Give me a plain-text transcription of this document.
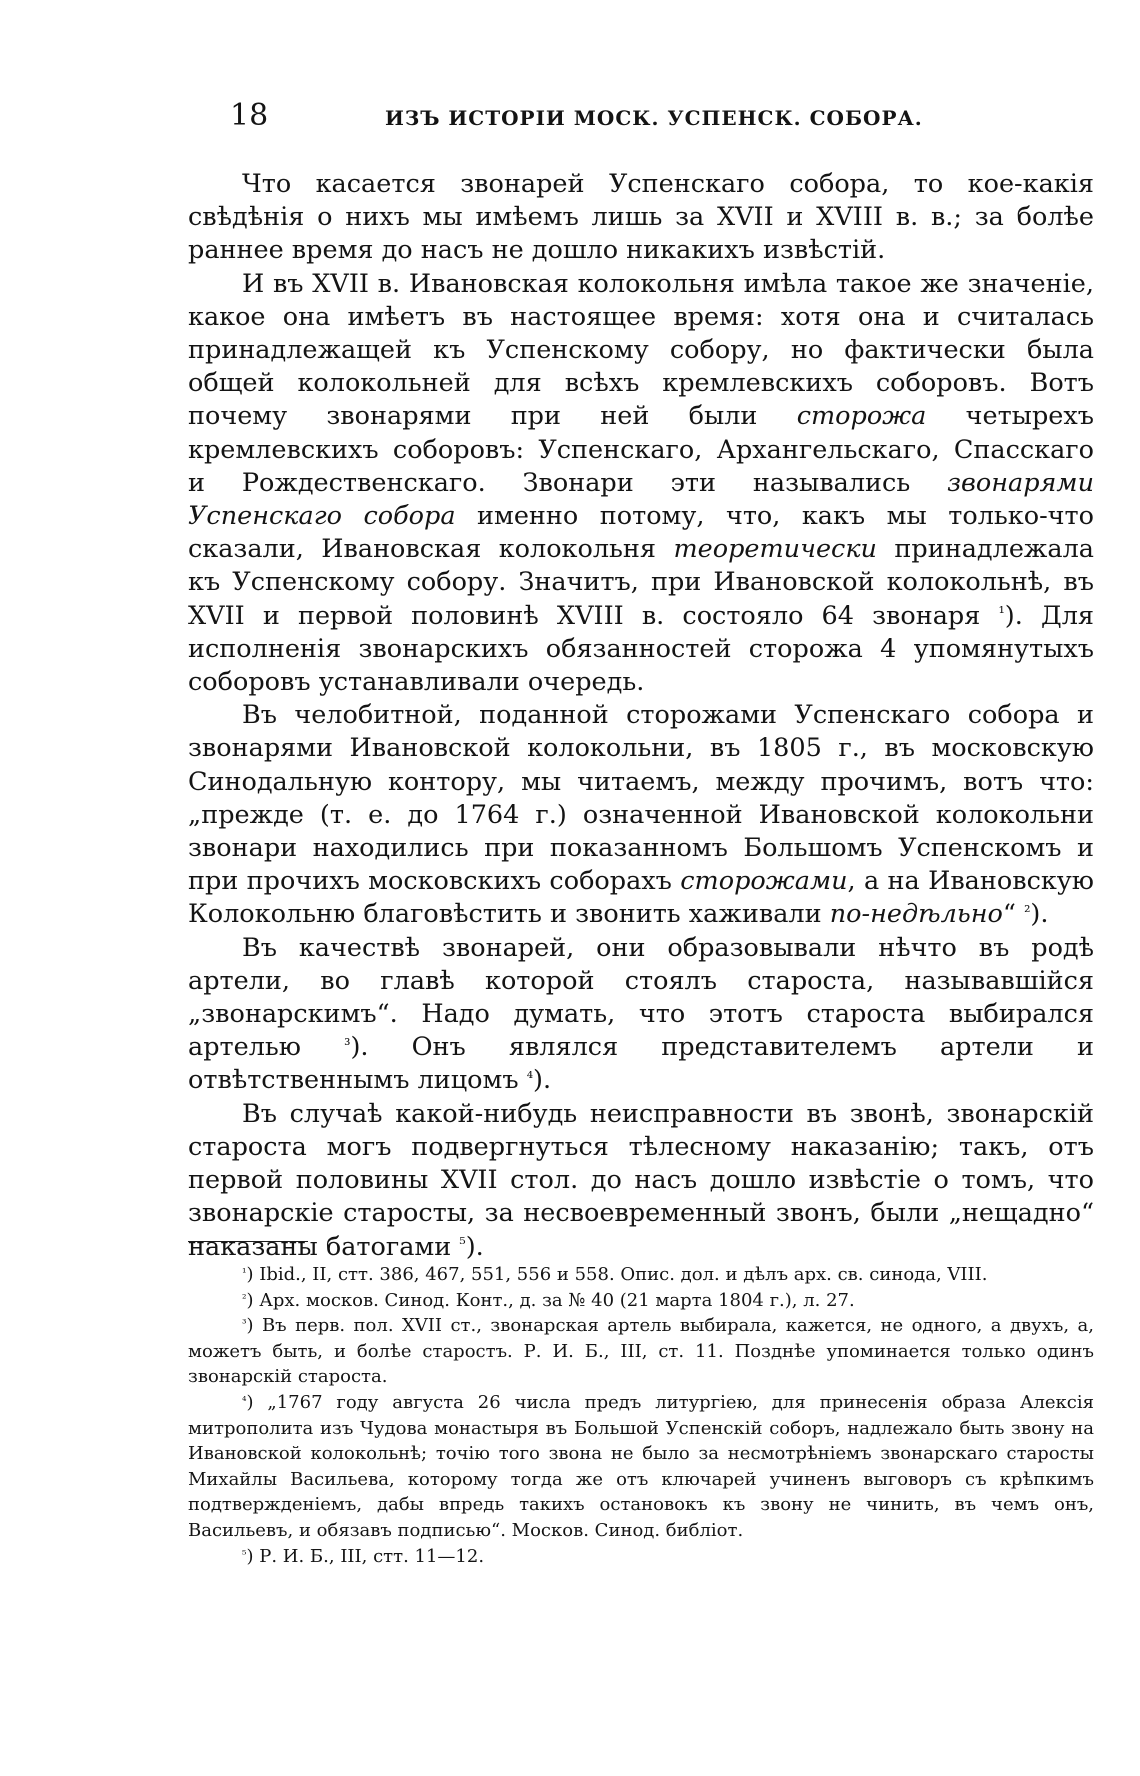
18	ИЗЪ ИСТОРІИ МОСК. УСПЕНСК. СОБОРА.

Что касается звонарей Успенскаго собора, то кое-какія свѣдѣнія о нихъ мы имѣемъ лишь за XVII и XVIII в. в.; за болѣе раннее время до насъ не дошло никакихъ извѣстій.

И въ XVII в. Ивановская колокольня имѣла такое же значеніе, какое она имѣетъ въ настоящее время: хотя она и считалась принадлежащей къ Успенскому собору, но фактически была общей колокольней для всѣхъ кремлевскихъ соборовъ. Вотъ почему звонарями при ней были сторожа четырехъ кремлевскихъ соборовъ: Успенскаго, Архангельскаго, Спасскаго и Рождественскаго. Звонари эти назывались звонарями Успенскаго собора именно потому, что, какъ мы только-что сказали, Ивановская колокольня теоретически принадлежала къ Успенскому собору. Значитъ, при Ивановской колокольнѣ, въ XVII и первой половинѣ XVIII в. состояло 64 звонаря $^{^1}$). Для исполненія звонарскихъ обязанностей сторожа 4 упомянутыхъ соборовъ устанавливали очередь.

Въ челобитной, поданной сторожами Успенскаго собора и звонарями Ивановской колокольни, въ 1805 г., въ московскую Синодальную контору, мы читаемъ, между прочимъ, вотъ что: „прежде (т. е. до 1764 г.) означенной Ивановской колокольни звонари находились при показанномъ Большомъ Успенскомъ и при прочихъ московскихъ соборахъ сторожами, а на Ивановскую Колокольню благовѣстить и звонить хаживали по-недѣльно“ $^{^2}$).

Въ качествѣ звонарей, они образовывали нѣчто въ родѣ артели, во главѣ которой стоялъ староста, называвшійся „звонарскимъ“. Надо думать, что этотъ староста выбирался артелью $^{^3}$). Онъ являлся представителемъ артели и отвѣтственнымъ лицомъ $^{^4}$).

Въ случаѣ какой-нибудь неисправности въ звонѣ, звонарскій староста могъ подвергнуться тѣлесному наказанію; такъ, отъ первой половины XVII стол. до насъ дошло извѣстіе о томъ, что звонарскіе старосты, за несвоевременный звонъ, были „нещадно“ наказаны батогами $^{^5}$).

$^{^1}$) Ibid., II, стт. 386, 467, 551, 556 и 558. Опис. дол. и дѣлъ арх. св. синода, VIII.

$^{^2}$) Арх. москов. Синод. Конт., д. за № 40 (21 марта 1804 г.), л. 27.

$^{^3}$) Въ перв. пол. XVII ст., звонарская артель выбирала, кажется, не одного, а двухъ, а, можетъ быть, и болѣе старостъ. Р. И. Б., III, ст. 11. Позднѣе упоминается только одинъ звонарскій староста.

$^{^4}$) „1767 году августа 26 числа предъ литургіею, для принесенія образа Алексія митрополита изъ Чудова монастыря въ Большой Успенскій соборъ, надлежало быть звону на Ивановской колокольнѣ; точію того звона не было за несмотрѣніемъ звонарскаго старосты Михайлы Васильева, которому тогда же отъ ключарей учиненъ выговоръ съ крѣпкимъ подтвержденіемъ, дабы впредь такихъ остановокъ къ звону не чинить, въ чемъ онъ, Васильевъ, и обязавъ подписью“. Москов. Синод. библіот.

$^{^5}$) Р. И. Б., III, стт. 11—12.
